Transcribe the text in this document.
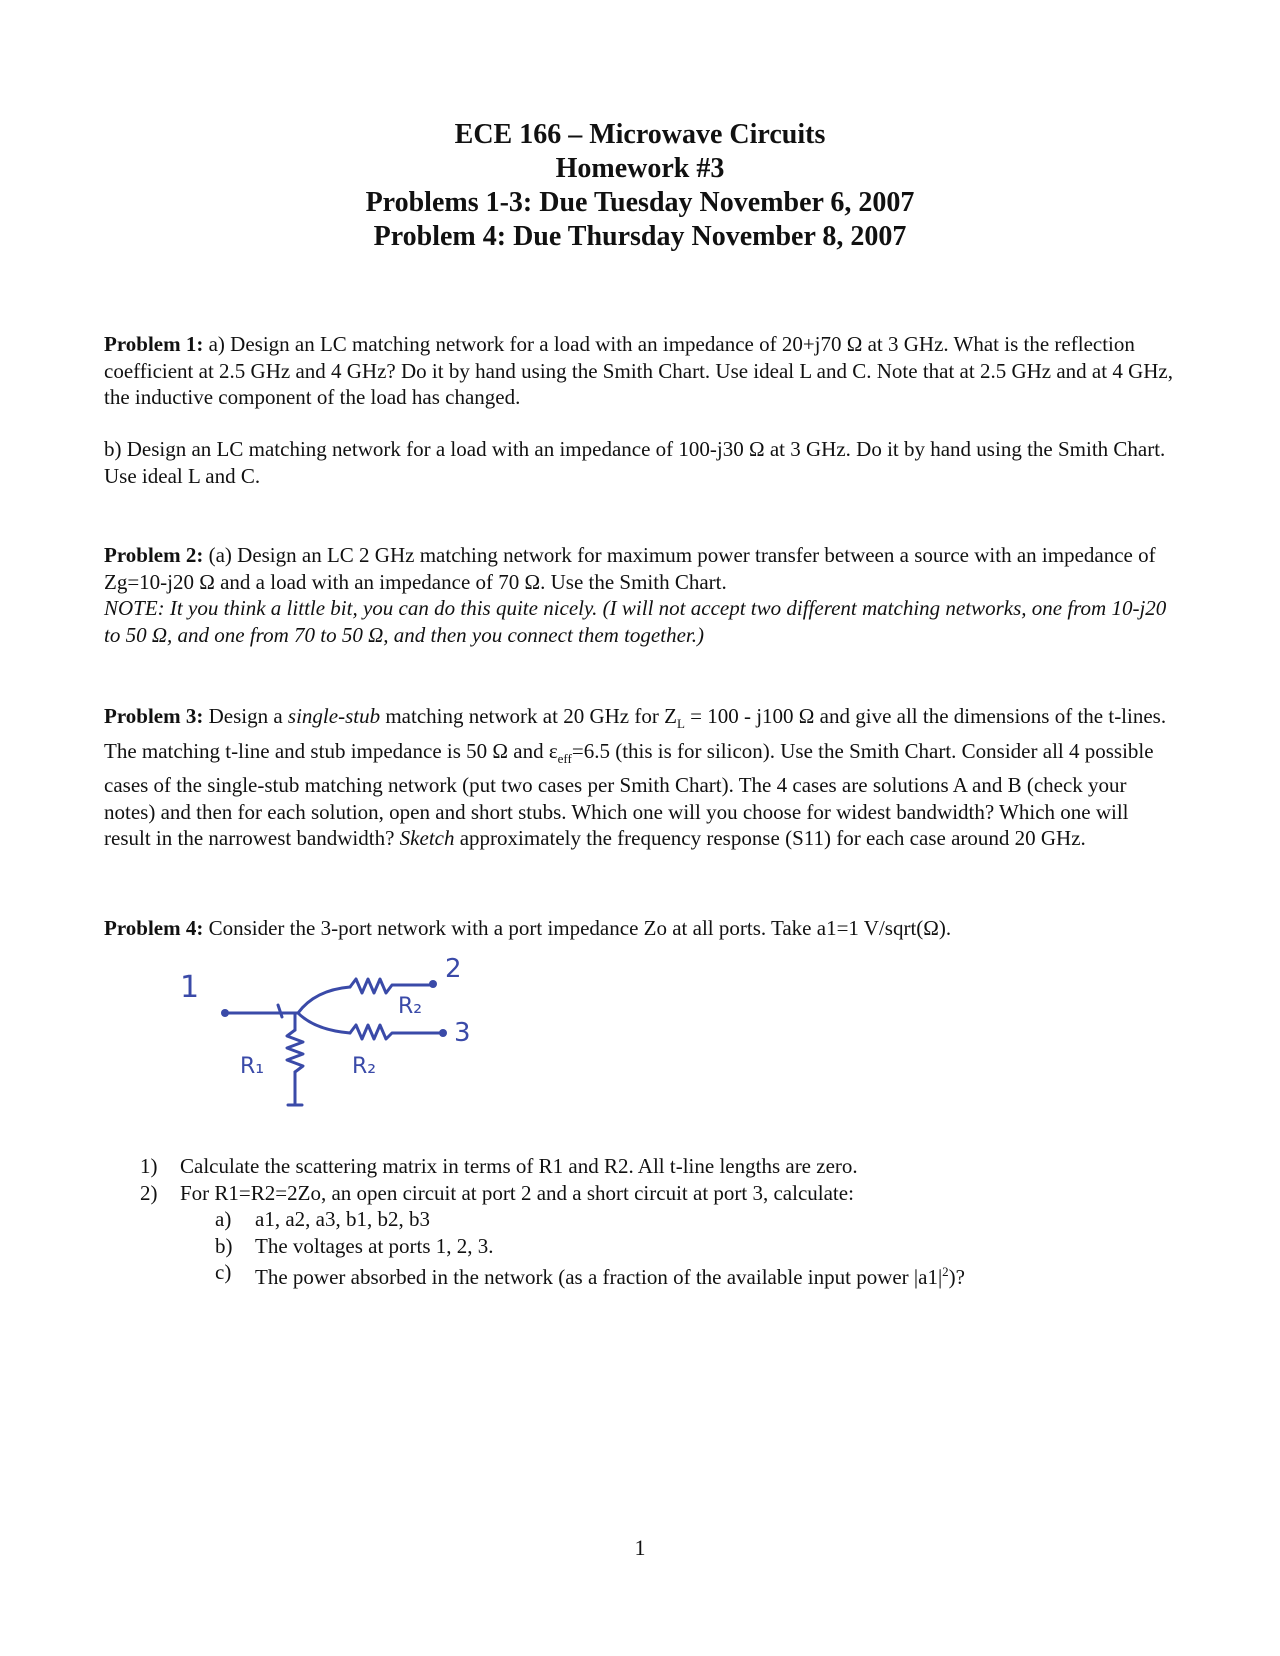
ECE 166 – Microwave Circuits
Homework #3
Problems 1-3: Due Tuesday November 6, 2007
Problem 4: Due Thursday November 8, 2007

Problem 1: a) Design an LC matching network for a load with an impedance of 20+j70 Ω at 3 GHz. What is the reflection coefficient at 2.5 GHz and 4 GHz? Do it by hand using the Smith Chart. Use ideal L and C. Note that at 2.5 GHz and at 4 GHz, the inductive component of the load has changed.

b) Design an LC matching network for a load with an impedance of 100-j30 Ω at 3 GHz. Do it by hand using the Smith Chart. Use ideal L and C.

Problem 2: (a) Design an LC 2 GHz matching network for maximum power transfer between a source with an impedance of Zg=10-j20 Ω and a load with an impedance of 70 Ω. Use the Smith Chart.

NOTE: It you think a little bit, you can do this quite nicely. (I will not accept two different matching networks, one from 10-j20 to 50 Ω, and one from 70 to 50 Ω, and then you connect them together.)

Problem 3: Design a single-stub matching network at 20 GHz for $Z_L = 100 - j100$ Ω and give all the dimensions of the t-lines. The matching t-line and stub impedance is 50 Ω and $\varepsilon_{eff}=6.5$ (this is for silicon). Use the Smith Chart. Consider all 4 possible cases of the single-stub matching network (put two cases per Smith Chart). The 4 cases are solutions A and B (check your notes) and then for each solution, open and short stubs. Which one will you choose for widest bandwidth? Which one will result in the narrowest bandwidth? Sketch approximately the frequency response (S11) for each case around 20 GHz.

Problem 4: Consider the 3-port network with a port impedance Zo at all ports. Take a1=1 V/sqrt(Ω).

1
2
3
R₂
R₁	R₂
1)	Calculate the scattering matrix in terms of R1 and R2. All t-line lengths are zero.
2)	For R1=R2=2Zo, an open circuit at port 2 and a short circuit at port 3, calculate:
a) a1, a2, a3, b1, b2, b3
b) The voltages at ports 1, 2, 3.
c) The power absorbed in the network (as a fraction of the available input power $|a1|^2$)?
1
